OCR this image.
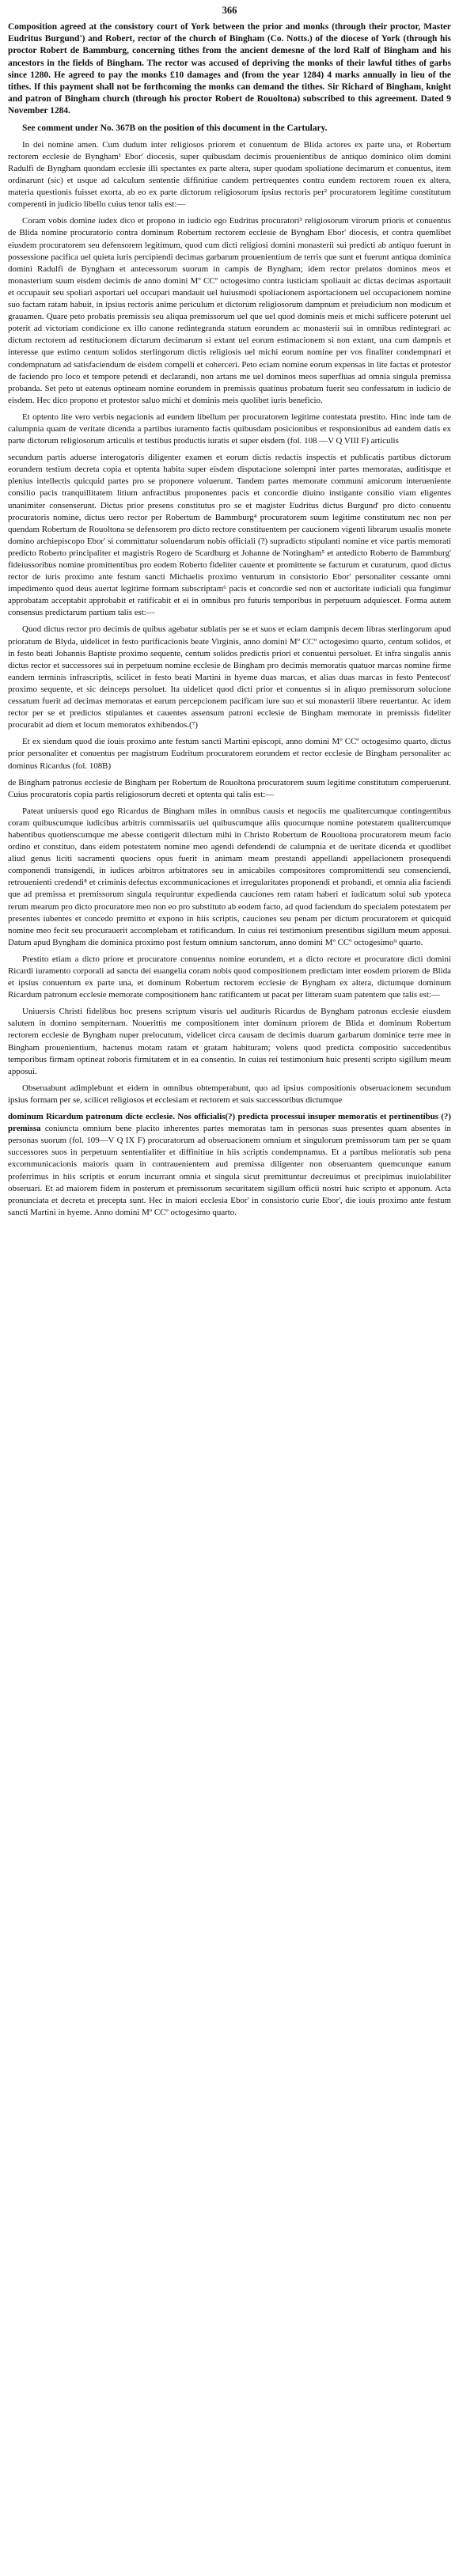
366

Composition agreed at the consistory court of York between the prior and monks (through their proctor, Master Eudritus Burgund') and Robert, rector of the church of Bingham (Co. Notts.) of the diocese of York (through his proctor Robert de Bammburg, concerning tithes from the ancient demesne of the lord Ralf of Bingham and his ancestors in the fields of Bingham. The rector was accused of depriving the monks of their lawful tithes of garbs since 1280. He agreed to pay the monks £10 damages and (from the year 1284) 4 marks annually in lieu of the tithes. If this payment shall not be forthcoming the monks can demand the tithes. Sir Richard of Bingham, knight and patron of Bingham church (through his proctor Robert de Rouoltona) subscribed to this agreement. Dated 9 November 1284.

See comment under No. 367B on the position of this document in the Cartulary.

In dei nomine amen. Cum dudum inter religiosos priorem et conuentum de Blida actores ex parte una, et Robertum rectorem ecclesie de Byngham¹ Ebor' diocesis, super quibusdam decimis prouenientibus de antiquo dominico olim domini Radulfi de Byngham quondam ecclesie illi spectantes ex parte altera, super quodam spoliatione decimarum et conuentus, item ordinarunt (sic) et usque ad calculum sententie diffinitiue candem pertrequentes contra eundem rectorem rouen ex altera, materia questionis fuisset exorta, ab eo ex parte dictorum religiosorum ipsius rectoris per² procuratorem legitime constitutum comperenti in judicio libello cuius tenor talis est:—

Coram vobis domine iudex dico et propono in iudicio ego Eudritus procuratori³ religiosorum virorum prioris et conuentus de Blida nomine procuratorio contra dominum Robertum rectorem ecclesie de Byngham Ebor' diocesis, et contra quemlibet eiusdem procuratorem seu defensorem legitimum, quod cum dicti religiosi domini monasterii sui predicti ab antiquo fuerunt in possessione pacifica uel quieta iuris percipiendi decimas garbarum prouenientium de terris que sunt et fuerunt antiqua dominica domini Radulfi de Byngham et antecessorum suorum in campis de Byngham; idem rector prelatos dominos meos et monasterium suum eisdem decimis de anno domini Mº CCº octogesimo contra iusticiam spoliauit ac dictas decimas asportauit et occupauit seu spoliari asportari uel occupari mandauit uel huiusmodi spoliacionem asportacionem uel occupacionem nomine suo factam ratam habuit, in ipsius rectoris anime periculum et dictorum religiosorum dampnum et preiudicium non modicum et grauamen. Quare peto probatis premissis seu aliqua premissorum uel que uel quod dominis meis et michi sufficere poterunt uel poterit ad victoriam condicione ex illo canone redintegranda statum eorundem ac monasterii sui in omnibus redintegrari ac dictum rectorem ad restitucionem dictarum decimarum si extant uel eorum estimacionem si non extant, una cum dampnis et interesse que estimo centum solidos sterlingorum dictis religiosis uel michi eorum nomine per vos finaliter condempnari et condempnatum ad satisfaciendum de eisdem compelli et coherceri. Peto eciam nomine eorum expensas in lite factas et protestor de faciendo pro loco et tempore petendi et declarandi, non artans me uel dominos meos superfluas ad omnia singula premissa probanda. Set peto ut eatenus optineam nomine eorundem in premissis quatinus probatum fuerit seu confessatum in iudicio de eisdem. Hec dico propono et protestor saluo michi et dominis meis quolibet iuris beneficio.

Et optento lite vero verbis negacionis ad eundem libellum per procuratorem legitime contestata prestito. Hinc inde tam de calumpnia quam de veritate dicenda a partibus iuramento factis quibusdam posicionibus et responsionibus ad eandem datis ex parte dictorum religiosorum articulis et testibus productis iuratis et super eisdem (fol. 108 —V Q VIII F) articulis

secundum partis aduerse interogatoris diligenter examen et eorum dictis redactis inspectis et publicatis partibus dictorum eorundem testium decreta copia et optenta habita super eisdem disputacione solempni inter partes memoratas, auditisque et plenius intellectis quicquid partes pro se proponere voluerunt. Tandem partes memorate communi amicorum interueniente consilio pacis tranquillitatem litium anfractibus proponentes pacis et concordie diuino instigante consilio viam eligentes unanimiter consenserunt. Dictus prior presens constitutus pro se et magister Eudritus dictus Burgund' pro dicto conuentu procuratoris nomine, dictus uero rector per Robertum de Bammburg⁴ procuratorem suum legitime constitutum nec non per quendam Robertum de Rouoltona se defensorem pro dicto rectore constituentem per caucionem vigenti librarum usualis monete domino archiepiscopo Ebor' si committatur soluendarum nobis officiali (?) supradicto stipulanti nomine et vice partis memorati predicto Roberto principaliter et magistris Rogero de Scardburg et Johanne de Notingham⁵ et antedicto Roberto de Bammburg' fideiussoribus nomine promittentibus pro eodem Roberto fideliter cauente et promittente se facturum et curaturum, quod dictus rector de iuris proximo ante festum sancti Michaelis proximo venturum in consistorio Ebor' personaliter cessante omni impedimento quod deus auertat legitime formam subscriptam⁶ pacis et concordie sed non et auctoritate iudiciali qua fungimur approbatam acceptabit approbabit et ratificabit et ei in omnibus pro futuris temporibus in perpetuum adquiescet. Forma autem consensus predictarum partium talis est:—

Quod dictus rector pro decimis de quibus agebatur sublatis per se et suos et eciam dampnis decem libras sterlingorum apud prioratum de Blyda, uidelicet in festo purificacionis beate Virginis, anno domini Mº CCº octogesimo quarto, centum solidos, et in festo beati Johannis Baptiste proximo sequente, centum solidos predictis priori et conuentui persoluet. Et infra singulis annis dictus rector et successores sui in perpetuum nomine ecclesie de Bingham pro decimis memoratis quatuor marcas nomine firme eandem terminis infrascriptis, scilicet in festo beati Martini in hyeme duas marcas, et alias duas marcas in festo Pentecost' proximo sequente, et sic deinceps persoluet. Ita uidelicet quod dicti prior et conuentus si in aliquo premissorum solucione cessatum fuerit ad decimas memoratas et earum percepcionem pacificam iure suo et sui monasterii libere reuertantur. Ac idem rector per se et predictos stipulantes et cauentes assensum patroni ecclesie de Bingham memorate in premissis fideliter procurabit ad diem et locum memoratos exhibendos.(⁷)

Et ex siendum quod die iouis proximo ante festum sancti Martini episcopi, anno domini Mº CCº octogesimo quarto, dictus prior personaliter et conuentus per magistrum Eudritum procuratorem eorundem et rector ecclesie de Bingham personaliter ac dominus Ricardus (fol. 108B)

de Bingham patronus ecclesie de Bingham per Robertum de Rouoltona procuratorem suum legitime constitutum comperuerunt. Cuius procuratoris copia partis religiosorum decreti et optenta qui talis est:—

Pateat uniuersis quod ego Ricardus de Bingham miles in omnibus causis et negociis me qualitercumque contingentibus coram quibuscumque iudicibus arbitris commissariis uel quibuscumque aliis quocumque nomine potestatem qualitercumque habentibus quotienscumque me abesse contigerit dilectum mihi in Christo Robertum de Rouoltona procuratorem meum facio ordino et constituo, dans eidem potestatem nomine meo agendi defendendi de calumpnia et de ueritate dicenda et quodlibet aliud genus liciti sacramenti quociens opus fuerit in animam meam prestandi appellandi appellacionem prosequendi componendi transigendi, in iudices arbitros arbitratores seu in amicabiles compositores compromittendi seu consenciendi, retrouenienti credendi⁸ et criminis defectus excommunicaciones et irregularitates proponendi et probandi, et omnia alia faciendi que ad premissa et premissorum singula requiruntur expedienda cauciones rem ratam haberi et iudicatum solui sub ypoteca rerum mearum pro dicto procuratore meo non eo pro substituto ab eodem facto, ad quod faciendum do specialem potestatem per presentes iubentes et concedo premitto et expono in hiis scriptis, cauciones seu penam per dictum procuratorem et quicquid nomine meo fecit seu procurauerit accomplebam et ratificandum. In cuius rei testimonium presentibus sigillum meum apposui. Datum apud Byngham die dominica proximo post festum omnium sanctorum, anno domini Mº CCº octogesimo⁹ quarto.

Prestito etiam a dicto priore et procuratore conuentus nomine eorundem, et a dicto rectore et procuratore dicti domini Ricardi iuramento corporali ad sancta dei euangelia coram nobis quod compositionem predictam inter eosdem priorem de Blida et ipsius conuentum ex parte una, et dominum Robertum rectorem ecclesie de Byngham ex altera, dictumque dominum Ricardum patronum ecclesie memorate compositionem hanc ratificantem ut pacat per litteram suam patentem que talis est:—

Uniuersis Christi fidelibus hoc presens scriptum visuris uel audituris Ricardus de Byngham patronus ecclesie eiusdem salutem in domino sempiternam. Nouerittis me compositionem inter dominum priorem de Blida et dominum Robertum rectorem ecclesie de Byngham nuper prelocutum, videlicet circa causam de decimis duarum garbarum dominice terre mee in Bingham prouenientium, hactenus motam ratam et gratam habituram; volens quod predicta compositio succedentibus temporibus firmam optineat roboris firmitatem et in ea consentio. In cuius rei testimonium huic presenti scripto sigillum meum apposui.

Obseruabunt adimplebunt et eidem in omnibus obtemperabunt, quo ad ipsius compositionis obseruacionem secundum ipsius formam per se, scilicet religiosos et ecclesiam et rectorem et suis successoribus dictumque

dominum Ricardum patronum dicte ecclesie. Nos officialis(?) predicta processui insuper memoratis et pertinentibus (?) premissa coniuncta omnium bene placito inherentes partes memoratas tam in personas suas presentes quam absentes in personas suorum (fol. 109—V Q IX F) procuratorum ad obseruacionem omnium et singulorum premissorum tam per se quam successores suos in perpetuum sententialiter et diffinitiue in hiis scriptis condempnamus. Et a partibus melioratis sub pena excommunicacionis maioris quam in contrauenientem aud premissa diligenter non obseruantem quemcunque eanum proferrimus in hiis scriptis et eorum incurrant omnia et singula sicut premittuntur decreuimus et precipimus inuiolabiliter obseruari. Et ad maiorem fidem in posterum et premissorum securitatem sigillum officii nostri huic scripto et apponum. Acta pronunciata et decreta et precepta sunt. Hec in maiori ecclesia Ebor' in consistorio curie Ebor', die iouis proximo ante festum sancti Martini in hyeme. Anno domini Mº CCº octogesimo quarto.
